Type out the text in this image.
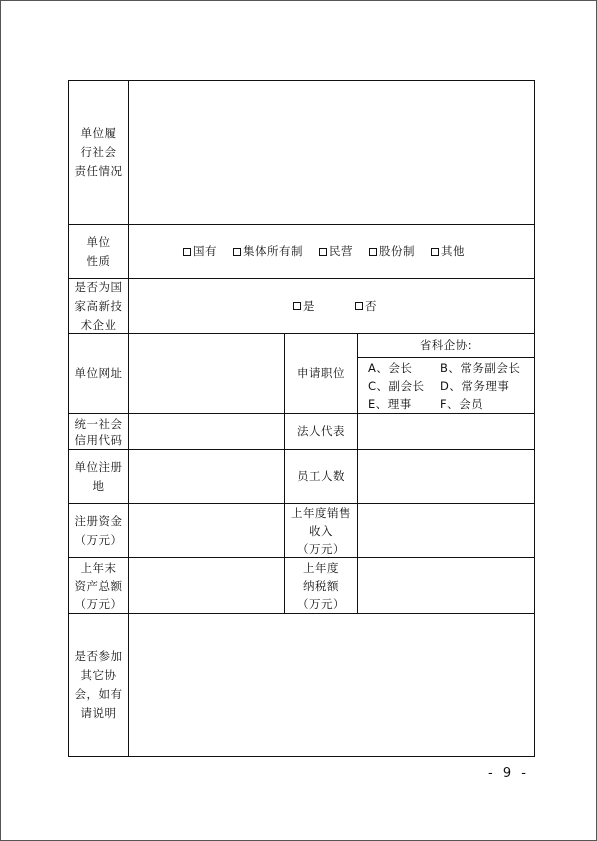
单位履
行社会
责任情况
单位
性质
国有 集体所有制 民营 股份制 其他
是否为国
家高新技
术企业
是	否
单位网址	申请职位
省科企协:
A、会长 B、常务副会长
C、副会长 D、常务理事
E、理事 F、会员
统一社会
信用代码
法人代表
单位注册
地
员工人数
注册资金
（万元）
上年度销售
收入
（万元）
上年末
资产总额
（万元）
上年度
纳税额
（万元）
是否参加
其它协
会，如有
请说明
- 9 -
